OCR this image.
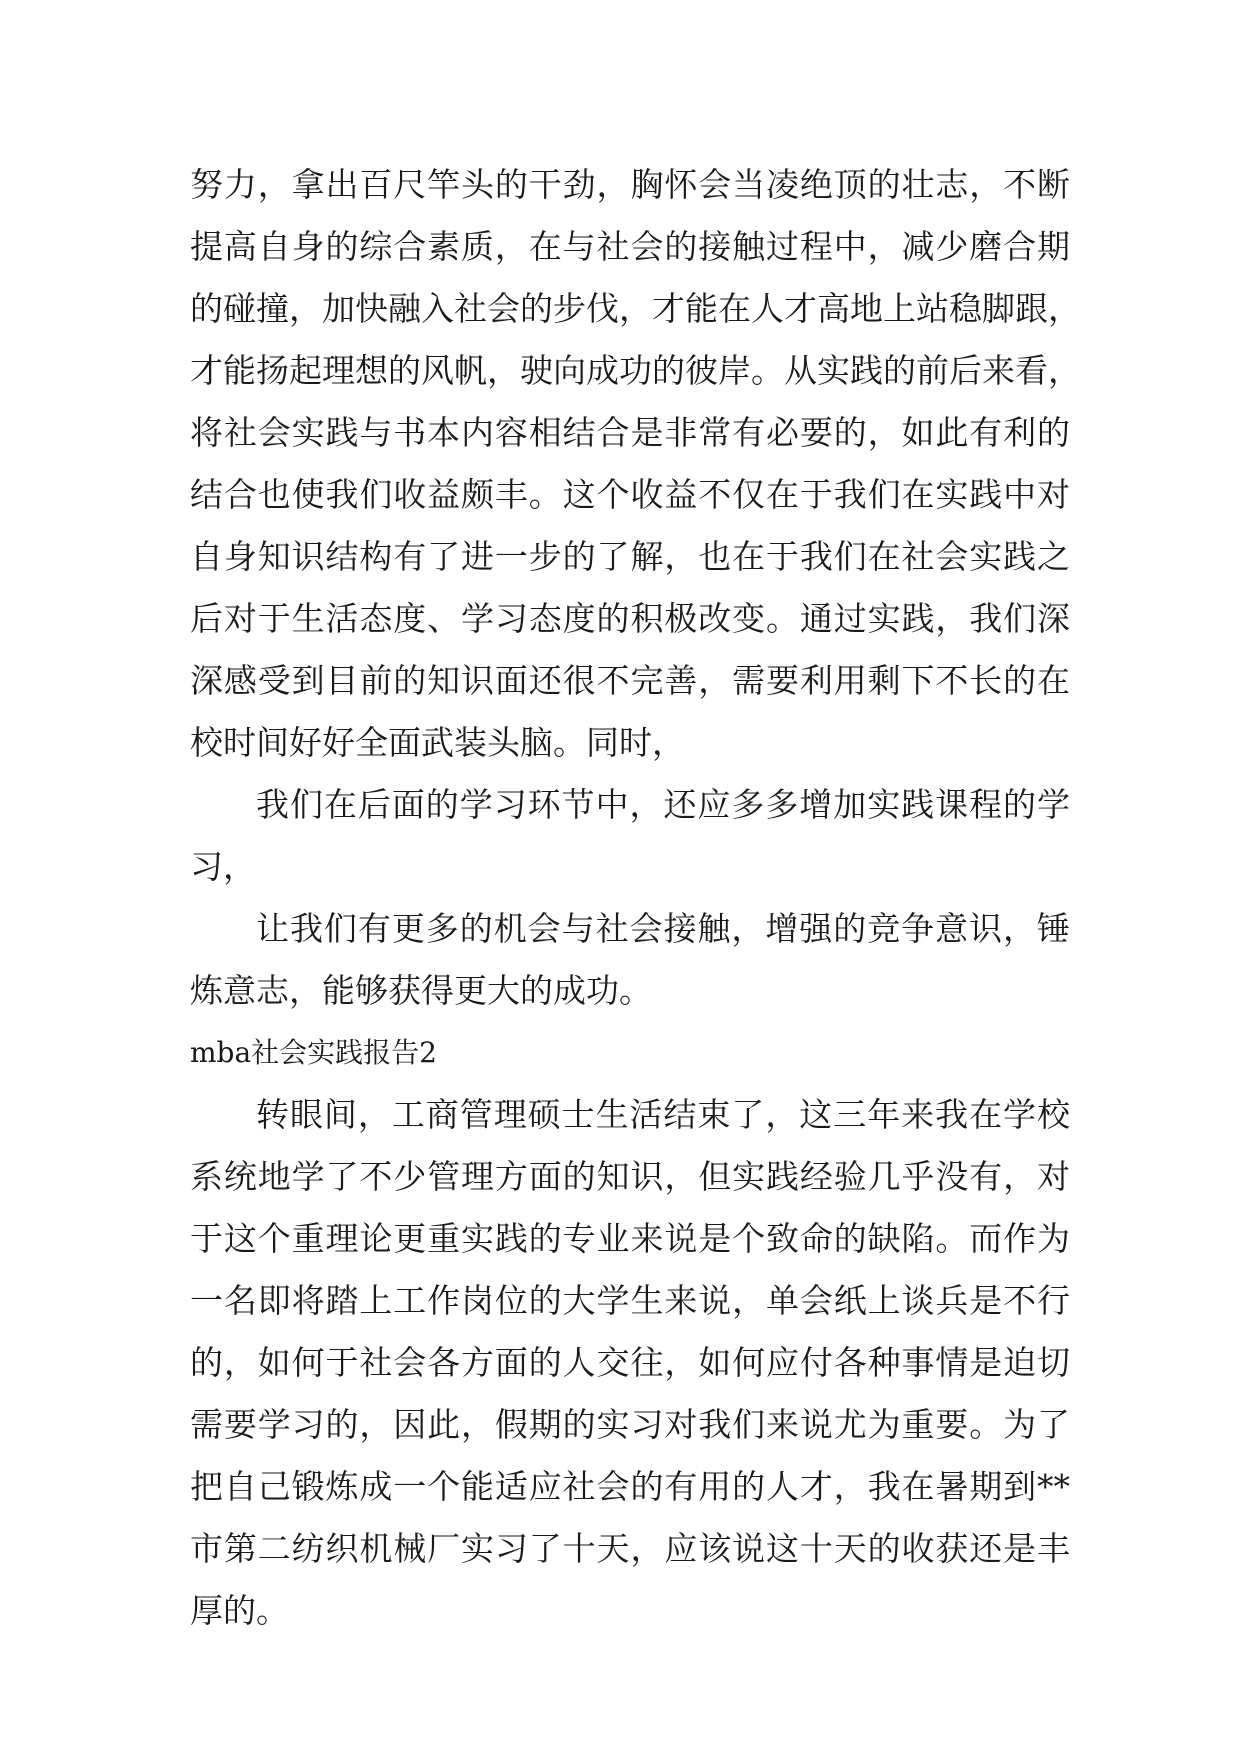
努力，拿出百尺竿头的干劲，胸怀会当凌绝顶的壮志，不断
提高自身的综合素质，在与社会的接触过程中，减少磨合期
的碰撞，加快融入社会的步伐，才能在人才高地上站稳脚跟，
才能扬起理想的风帆，驶向成功的彼岸。从实践的前后来看，
将社会实践与书本内容相结合是非常有必要的，如此有利的
结合也使我们收益颇丰。这个收益不仅在于我们在实践中对
自身知识结构有了进一步的了解，也在于我们在社会实践之
后对于生活态度、学习态度的积极改变。通过实践，我们深
深感受到目前的知识面还很不完善，需要利用剩下不长的在
校时间好好全面武装头脑。同时，
我们在后面的学习环节中，还应多多增加实践课程的学
习，
让我们有更多的机会与社会接触，增强的竞争意识，锤
炼意志，能够获得更大的成功。
mba社会实践报告2
转眼间，工商管理硕士生活结束了，这三年来我在学校
系统地学了不少管理方面的知识，但实践经验几乎没有，对
于这个重理论更重实践的专业来说是个致命的缺陷。而作为
一名即将踏上工作岗位的大学生来说，单会纸上谈兵是不行
的，如何于社会各方面的人交往，如何应付各种事情是迫切
需要学习的，因此，假期的实习对我们来说尤为重要。为了
把自己锻炼成一个能适应社会的有用的人才，我在暑期到**
市第二纺织机械厂实习了十天，应该说这十天的收获还是丰
厚的。
